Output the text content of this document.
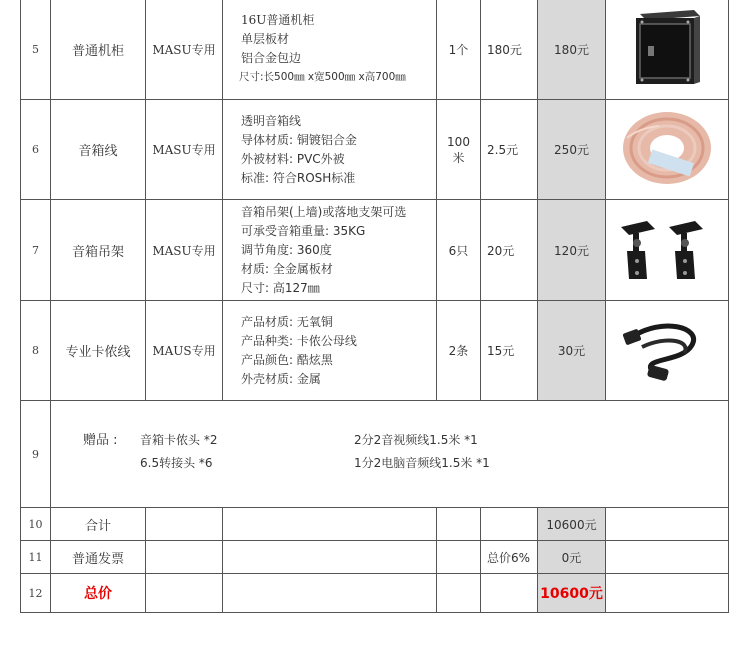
5	普通机柜	MASU专用	16U普通机柜
单层板材
铝合金包边
尺寸:长500㎜ x宽500㎜ x高700㎜	1个	180元	180元	
6	音箱线	MASU专用	透明音箱线
导体材质: 铜镀铝合金
外被材料: PVC外被
标准: 符合ROSH标准	100米	2.5元	250元	
7	音箱吊架	MASU专用	音箱吊架(上墙)或落地支架可选
可承受音箱重量: 35KG
调节角度: 360度
材质: 全金属板材
尺寸: 高127㎜	6只	20元	120元	
8	专业卡侬线	MAUS专用	产品材质: 无氧铜
产品种类: 卡侬公母线
产品颜色: 酷炫黑
外壳材质: 金属	2条	15元	30元	
9	赠品 : 音箱卡侬头 *2
6.5转接头 *6
2分2音视频线1.5米 *1
1分2电脑音频线1.5米 *1						

10	合计					10600元	
11	普通发票				总价6%	0元	
12	总价					10600元	
